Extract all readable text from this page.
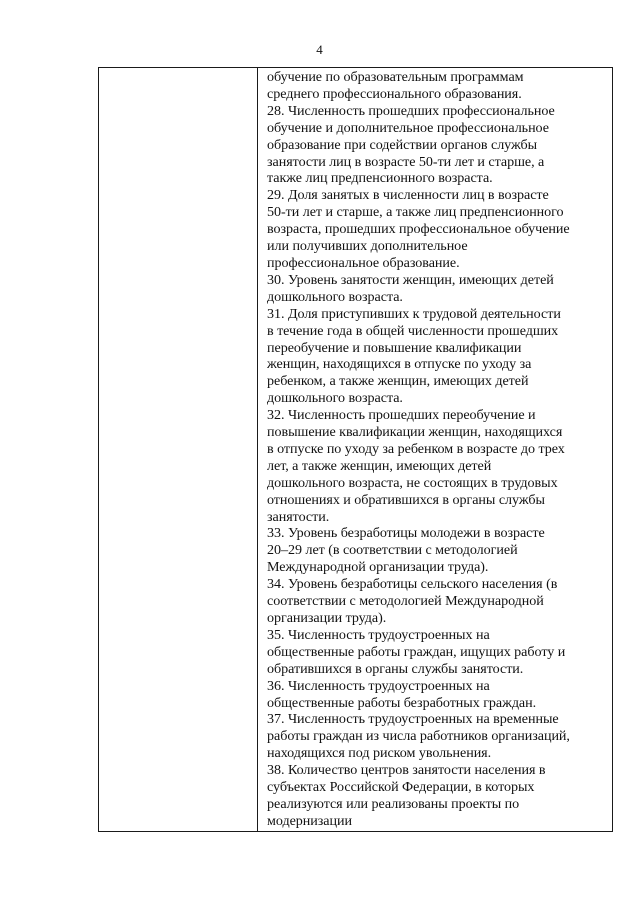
4
обучение по образовательным программам
среднего профессионального образования.
28. Численность прошедших профессиональное
обучение и дополнительное профессиональное
образование при содействии органов службы
занятости лиц в возрасте 50-ти лет и старше, а
также лиц предпенсионного возраста.
29. Доля занятых в численности лиц в возрасте
50-ти лет и старше, а также лиц предпенсионного
возраста, прошедших профессиональное обучение
или получивших дополнительное
профессиональное образование.
30. Уровень занятости женщин, имеющих детей
дошкольного возраста.
31. Доля приступивших к трудовой деятельности
в течение года в общей численности прошедших
переобучение и повышение квалификации
женщин, находящихся в отпуске по уходу за
ребенком, а также женщин, имеющих детей
дошкольного возраста.
32. Численность прошедших переобучение и
повышение квалификации женщин, находящихся
в отпуске по уходу за ребенком в возрасте до трех
лет, а также женщин, имеющих детей
дошкольного возраста, не состоящих в трудовых
отношениях и обратившихся в органы службы
занятости.
33. Уровень безработицы молодежи в возрасте
20–29 лет (в соответствии с методологией
Международной организации труда).
34. Уровень безработицы сельского населения (в
соответствии с методологией Международной
организации труда).
35. Численность трудоустроенных на
общественные работы граждан, ищущих работу и
обратившихся в органы службы занятости.
36. Численность трудоустроенных на
общественные работы безработных граждан.
37. Численность трудоустроенных на временные
работы граждан из числа работников организаций,
находящихся под риском увольнения.
38. Количество центров занятости населения в
субъектах Российской Федерации, в которых
реализуются или реализованы проекты по
модернизации
